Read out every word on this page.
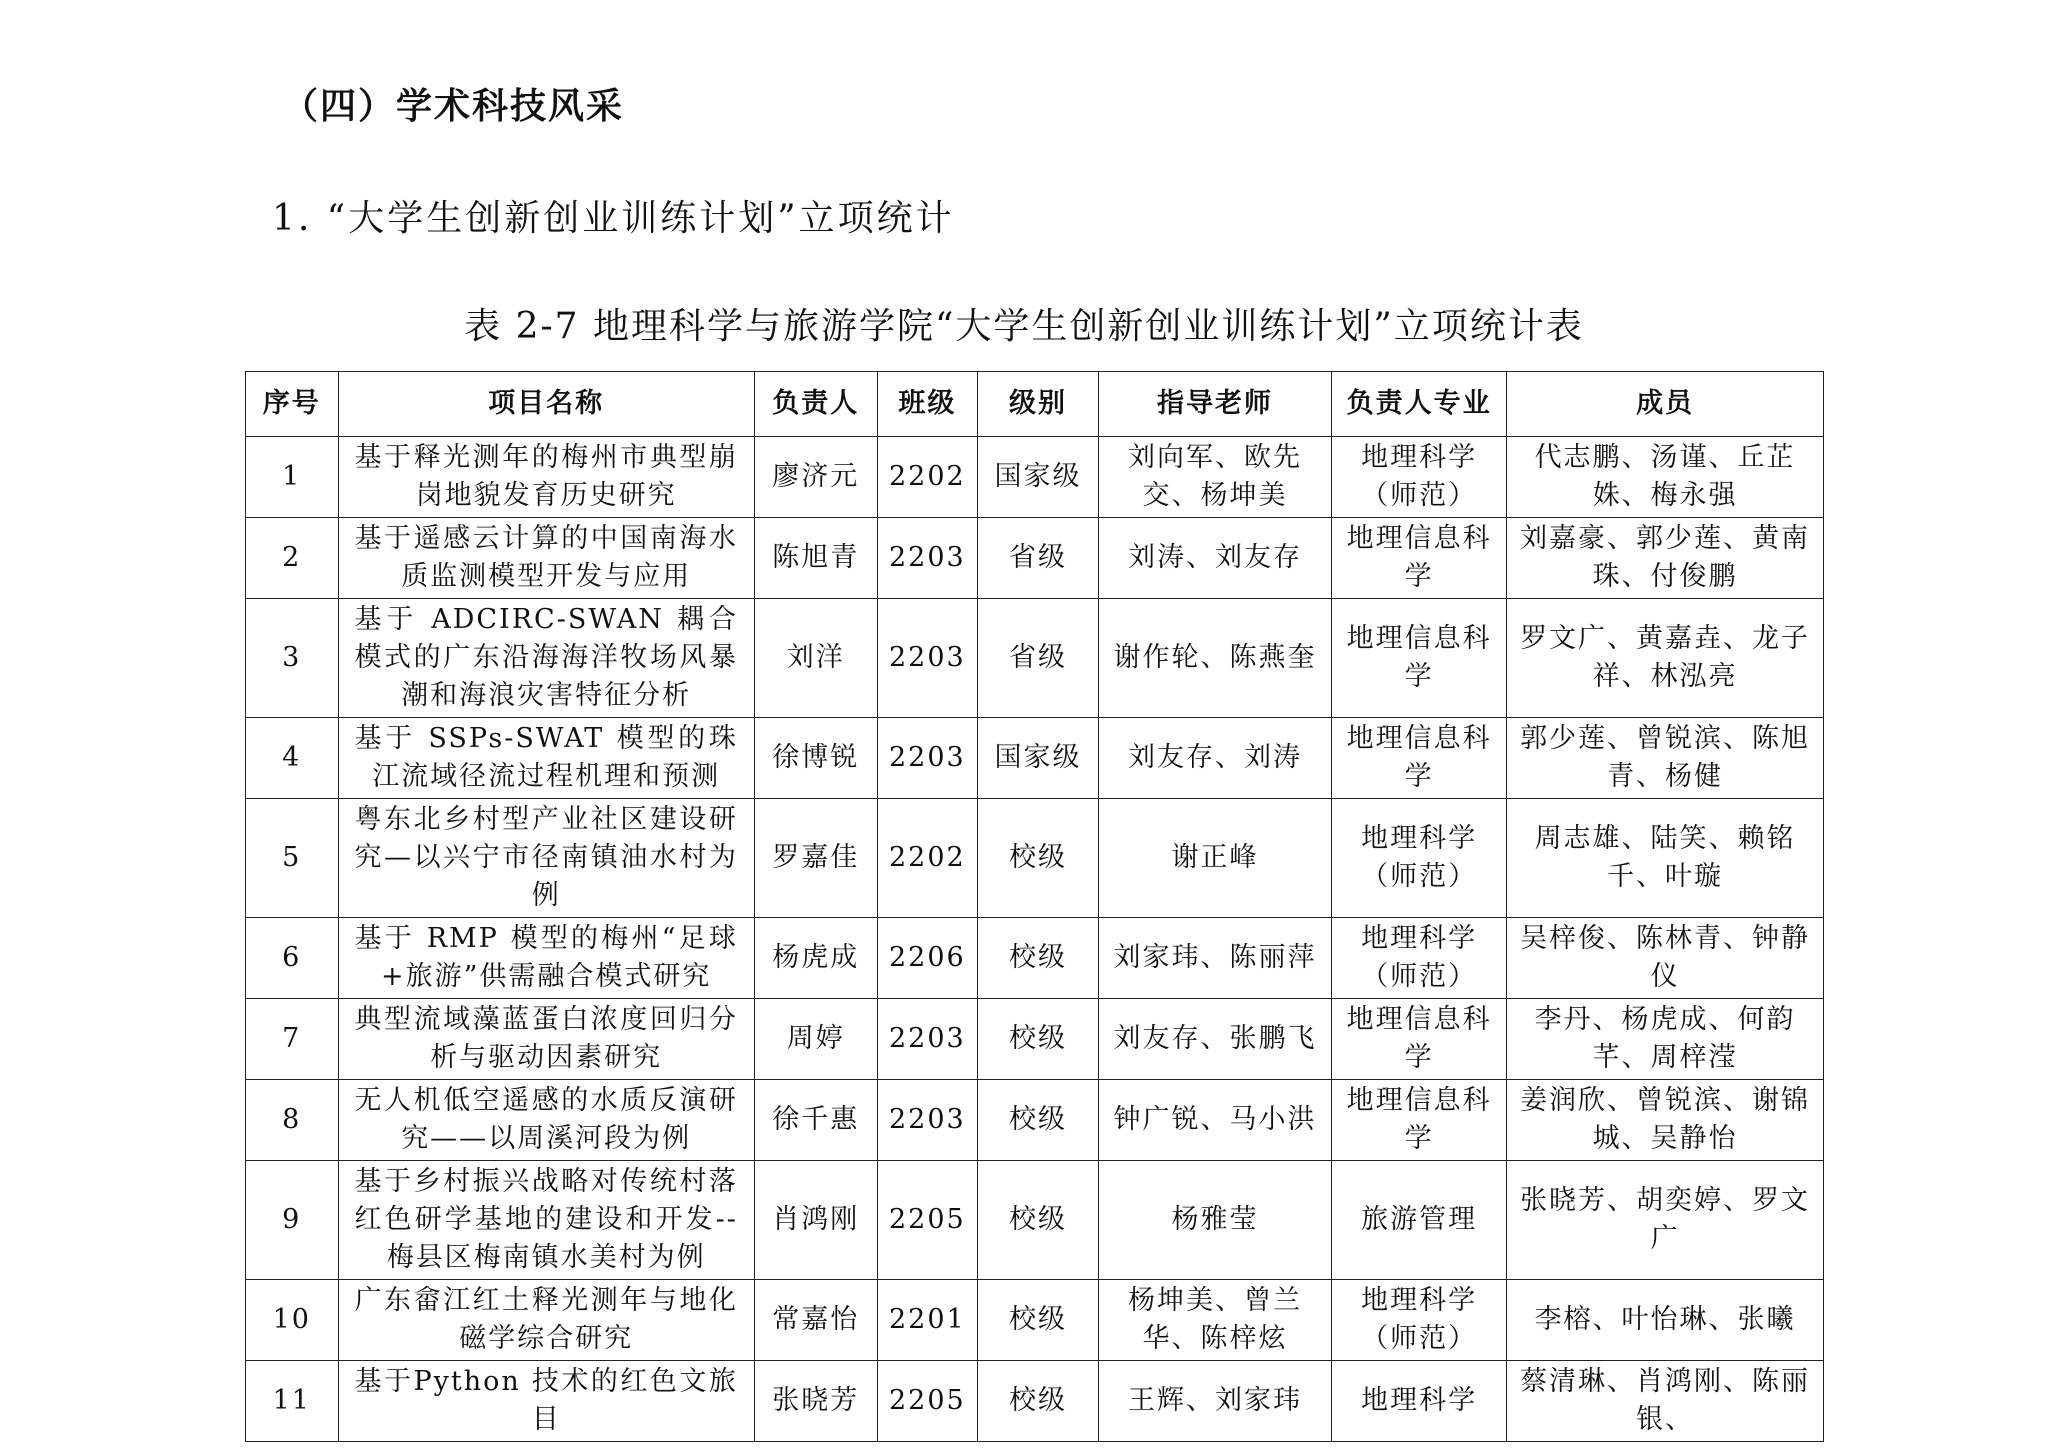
（四）学术科技风采
1. “大学生创新创业训练计划”立项统计
表 2-7 地理科学与旅游学院“大学生创新创业训练计划”立项统计表
序号	项目名称	负责人	班级	级别	指导老师	负责人专业	成员
1	基于释光测年的梅州市典型崩岗地貌发育历史研究	廖济元	2202	国家级	刘向军、欧先交、杨坤美	地理科学（师范）	代志鹏、汤谨、丘芷姝、梅永强
2	基于遥感云计算的中国南海水质监测模型开发与应用	陈旭青	2203	省级	刘涛、刘友存	地理信息科学	刘嘉豪、郭少莲、黄南珠、付俊鹏
3	基于 ADCIRC-SWAN 耦合模式的广东沿海海洋牧场风暴潮和海浪灾害特征分析	刘洋	2203	省级	谢作轮、陈燕奎	地理信息科学	罗文广、黄嘉垚、龙子祥、林泓亮
4	基于 SSPs-SWAT 模型的珠江流域径流过程机理和预测	徐博锐	2203	国家级	刘友存、刘涛	地理信息科学	郭少莲、曾锐滨、陈旭青、杨健
5	粤东北乡村型产业社区建设研究—以兴宁市径南镇油水村为例	罗嘉佳	2202	校级	谢正峰	地理科学（师范）	周志雄、陆笑、赖铭千、叶璇
6	基于 RMP 模型的梅州“足球+旅游”供需融合模式研究	杨虎成	2206	校级	刘家玮、陈丽萍	地理科学（师范）	吴梓俊、陈林青、钟静仪
7	典型流域藻蓝蛋白浓度回归分析与驱动因素研究	周婷	2203	校级	刘友存、张鹏飞	地理信息科学	李丹、杨虎成、何韵芊、周梓滢
8	无人机低空遥感的水质反演研究——以周溪河段为例	徐千惠	2203	校级	钟广锐、马小洪	地理信息科学	姜润欣、曾锐滨、谢锦城、吴静怡
9	基于乡村振兴战略对传统村落红色研学基地的建设和开发--梅县区梅南镇水美村为例	肖鸿刚	2205	校级	杨雅莹	旅游管理	张晓芳、胡奕婷、罗文广
10	广东畲江红土释光测年与地化磁学综合研究	常嘉怡	2201	校级	杨坤美、曾兰华、陈梓炫	地理科学（师范）	李榕、叶怡琳、张曦
11	基于Python 技术的红色文旅目	张晓芳	2205	校级	王辉、刘家玮	地理科学	蔡清琳、肖鸿刚、陈丽银、
